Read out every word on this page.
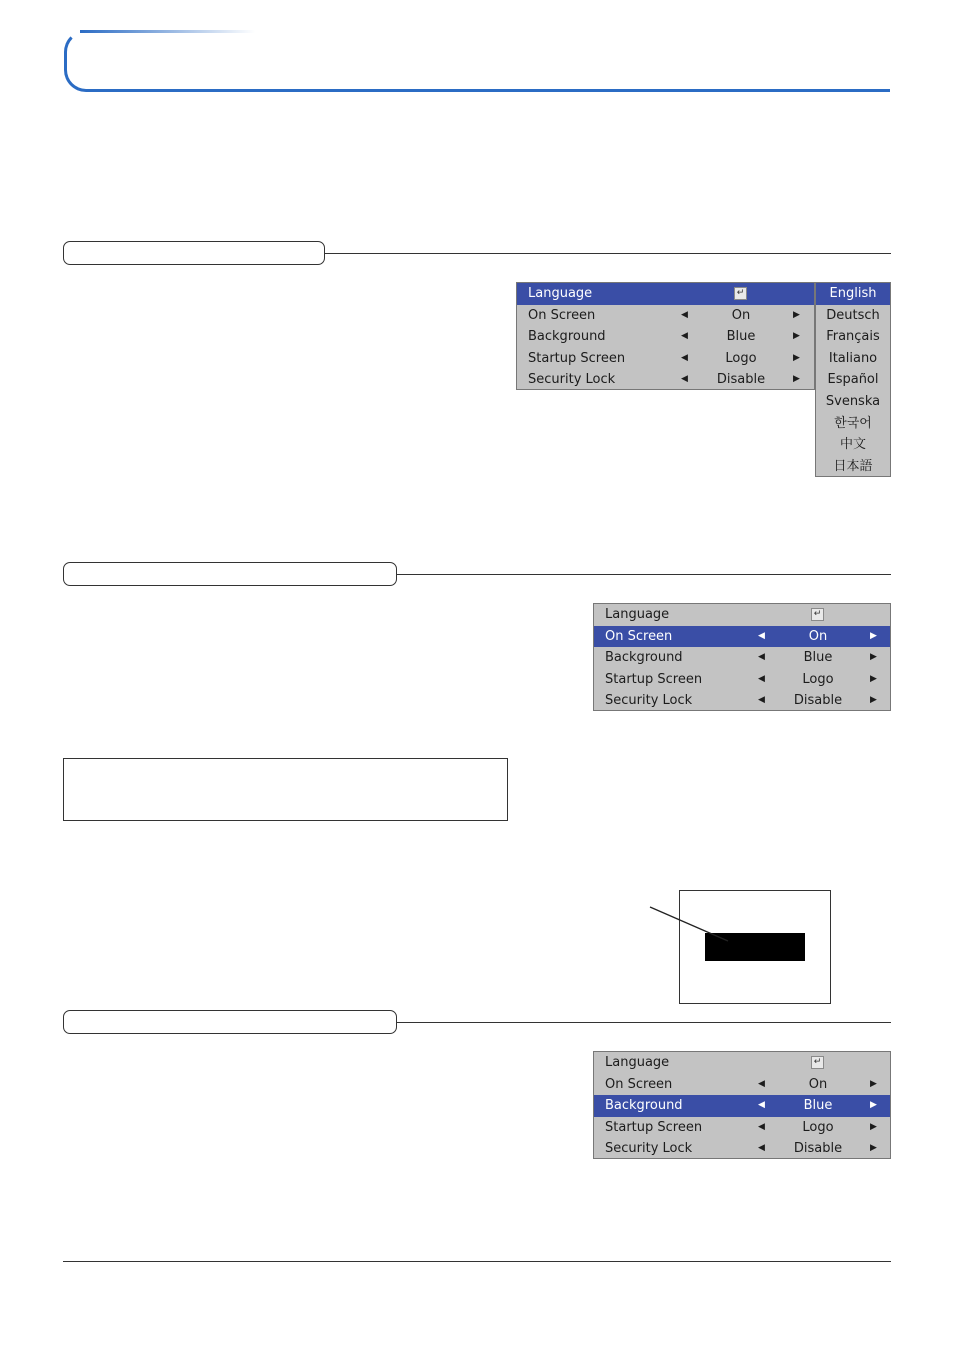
Language	↵
On Screen	◀	On	▶
Background	◀	Blue	▶
Startup Screen	◀	Logo	▶
Security Lock	◀	Disable	▶
English
Deutsch
Français
Italiano
Español
Svenska
한국어
中文
日本語
Language	↵
On Screen	◀	On	▶
Background	◀	Blue	▶
Startup Screen	◀	Logo	▶
Security Lock	◀	Disable	▶
Language	↵
On Screen	◀	On	▶
Background	◀	Blue	▶
Startup Screen	◀	Logo	▶
Security Lock	◀	Disable	▶
